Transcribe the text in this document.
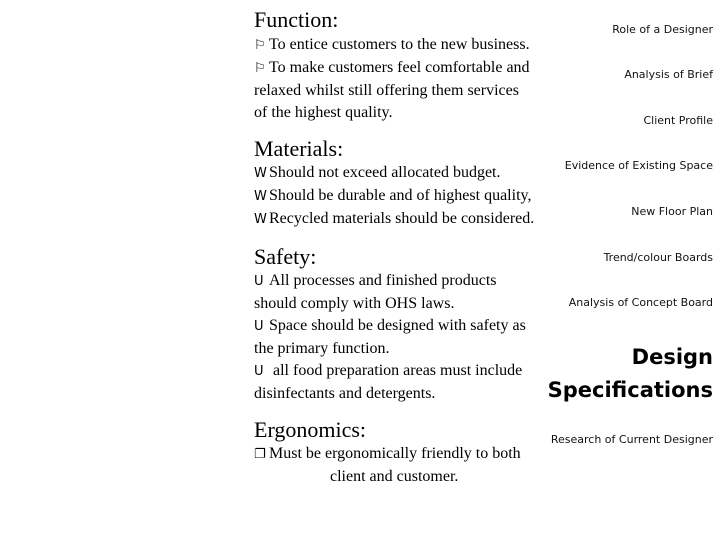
Function:
⚐ To entice customers to the new business.
⚐ To make customers feel comfortable and
relaxed whilst still offering them services
of the highest quality.
Materials:
W Should not exceed allocated budget.
W Should be durable and of highest quality,
W Recycled materials should be considered.
Safety:
U All processes and finished products
should comply with OHS laws.
U Space should be designed with safety as
the primary function.
U all food preparation areas must include
disinfectants and detergents.
Ergonomics:
❐ Must be ergonomically friendly to both
client and customer.
Role of a Designer
Analysis of Brief
Client Profile
Evidence of Existing Space
New Floor Plan
Trend/colour Boards
Analysis of Concept Board
Design
Specifications
Research of Current Designer
